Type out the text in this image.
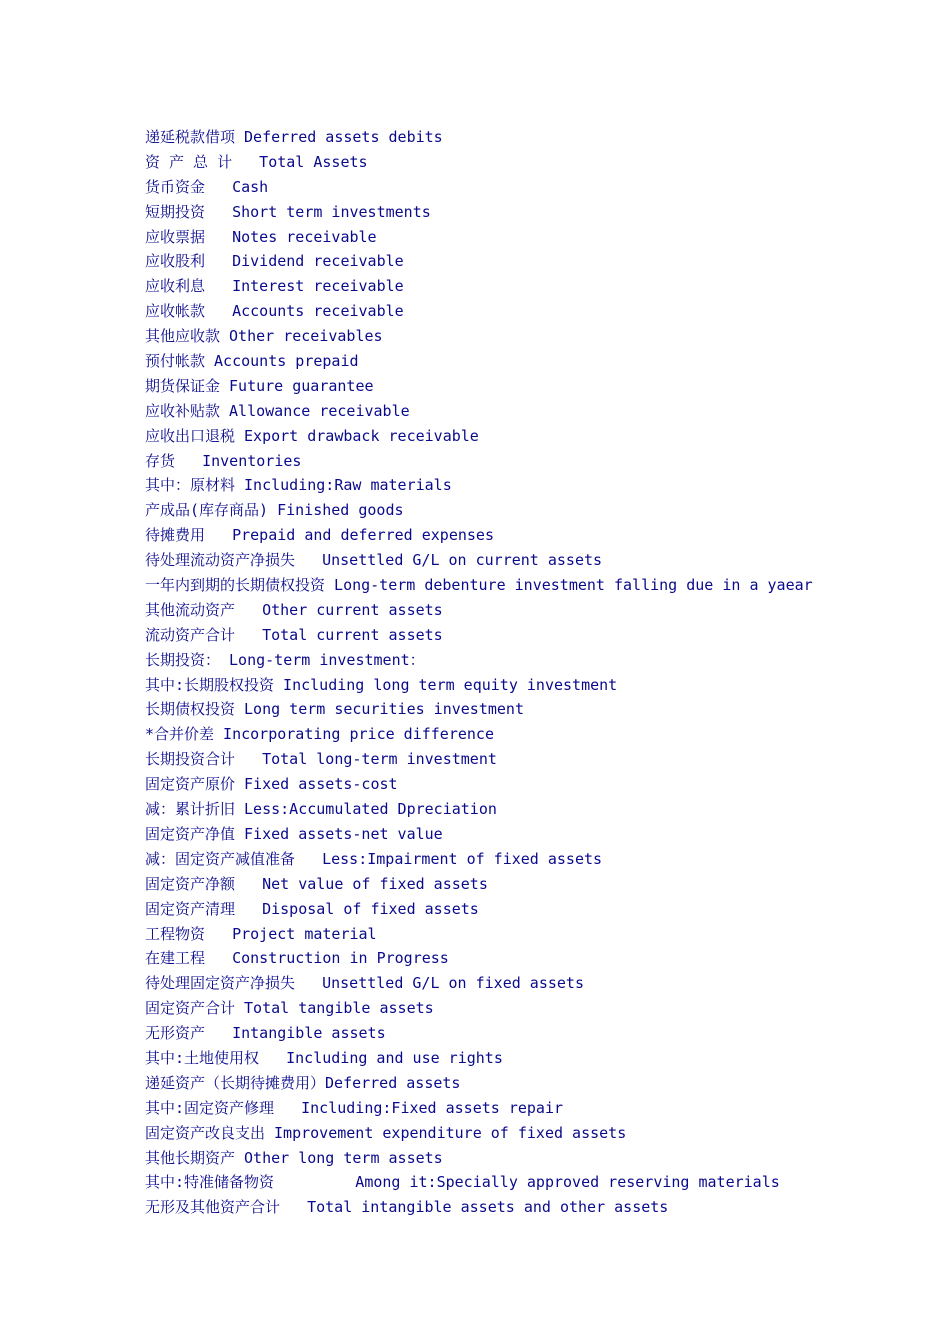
递延税款借项 Deferred assets debits
资 产 总 计   Total Assets
货币资金   Cash
短期投资   Short term investments
应收票据   Notes receivable
应收股利   Dividend receivable
应收利息   Interest receivable
应收帐款   Accounts receivable
其他应收款 Other receivables
预付帐款 Accounts prepaid
期货保证金 Future guarantee
应收补贴款 Allowance receivable
应收出口退税 Export drawback receivable
存货   Inventories
其中：原材料 Including:Raw materials
产成品(库存商品) Finished goods
待摊费用   Prepaid and deferred expenses
待处理流动资产净损失   Unsettled G/L on current assets
一年内到期的长期债权投资 Long-term debenture investment falling due in a yaear
其他流动资产   Other current assets
流动资产合计   Total current assets
长期投资： Long-term investment：
其中:长期股权投资 Including long term equity investment
长期债权投资 Long term securities investment
*合并价差 Incorporating price difference
长期投资合计   Total long-term investment
固定资产原价 Fixed assets-cost
减：累计折旧 Less:Accumulated Dpreciation
固定资产净值 Fixed assets-net value
减：固定资产减值准备   Less:Impairment of fixed assets
固定资产净额   Net value of fixed assets
固定资产清理   Disposal of fixed assets
工程物资   Project material
在建工程   Construction in Progress
待处理固定资产净损失   Unsettled G/L on fixed assets
固定资产合计 Total tangible assets
无形资产   Intangible assets
其中:土地使用权   Including and use rights
递延资产（长期待摊费用）Deferred assets
其中:固定资产修理   Including:Fixed assets repair
固定资产改良支出 Improvement expenditure of fixed assets
其他长期资产 Other long term assets
其中:特准储备物资         Among it:Specially approved reserving materials
无形及其他资产合计   Total intangible assets and other assets
